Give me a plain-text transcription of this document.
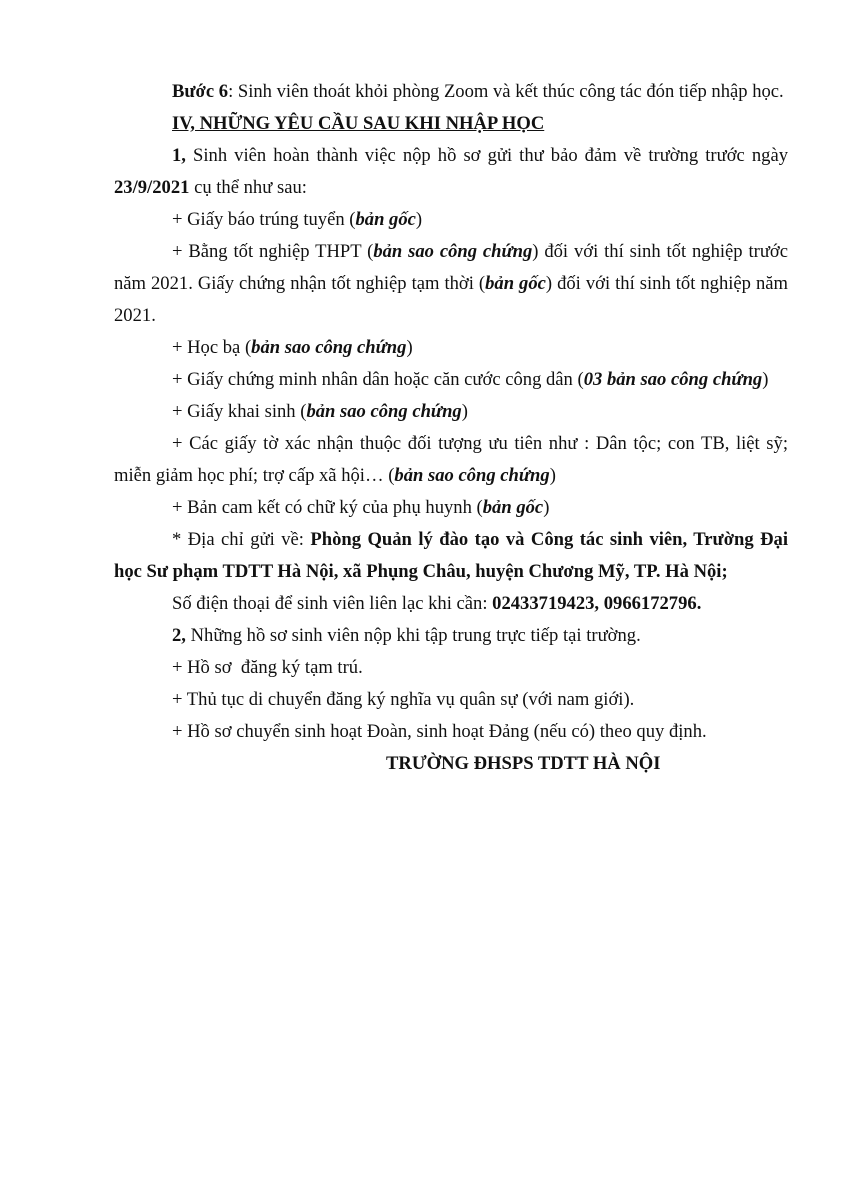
Bước 6: Sinh viên thoát khỏi phòng Zoom và kết thúc công tác đón tiếp nhập học.

IV, NHỮNG YÊU CẦU SAU KHI NHẬP HỌC

1, Sinh viên hoàn thành việc nộp hồ sơ gửi thư bảo đảm về trường trước ngày 23/9/2021 cụ thể như sau:

+ Giấy báo trúng tuyển (bản gốc)

+ Bằng tốt nghiệp THPT (bản sao công chứng) đối với thí sinh tốt nghiệp trước năm 2021. Giấy chứng nhận tốt nghiệp tạm thời (bản gốc) đối với thí sinh tốt nghiệp năm 2021.

+ Học bạ (bản sao công chứng)

+ Giấy chứng minh nhân dân hoặc căn cước công dân (03 bản sao công chứng)

+ Giấy khai sinh (bản sao công chứng)

+ Các giấy tờ xác nhận thuộc đối tượng ưu tiên như : Dân tộc; con TB, liệt sỹ; miễn giảm học phí; trợ cấp xã hội… (bản sao công chứng)

+ Bản cam kết có chữ ký của phụ huynh (bản gốc)

* Địa chỉ gửi về: Phòng Quản lý đào tạo và Công tác sinh viên, Trường Đại học Sư phạm TDTT Hà Nội, xã Phụng Châu, huyện Chương Mỹ, TP. Hà Nội;

Số điện thoại để sinh viên liên lạc khi cần: 02433719423, 0966172796.

2, Những hồ sơ sinh viên nộp khi tập trung trực tiếp tại trường.

+ Hồ sơ  đăng ký tạm trú.

+ Thủ tục di chuyển đăng ký nghĩa vụ quân sự (với nam giới).

+ Hồ sơ chuyển sinh hoạt Đoàn, sinh hoạt Đảng (nếu có) theo quy định.

TRƯỜNG ĐHSPS TDTT HÀ NỘI
